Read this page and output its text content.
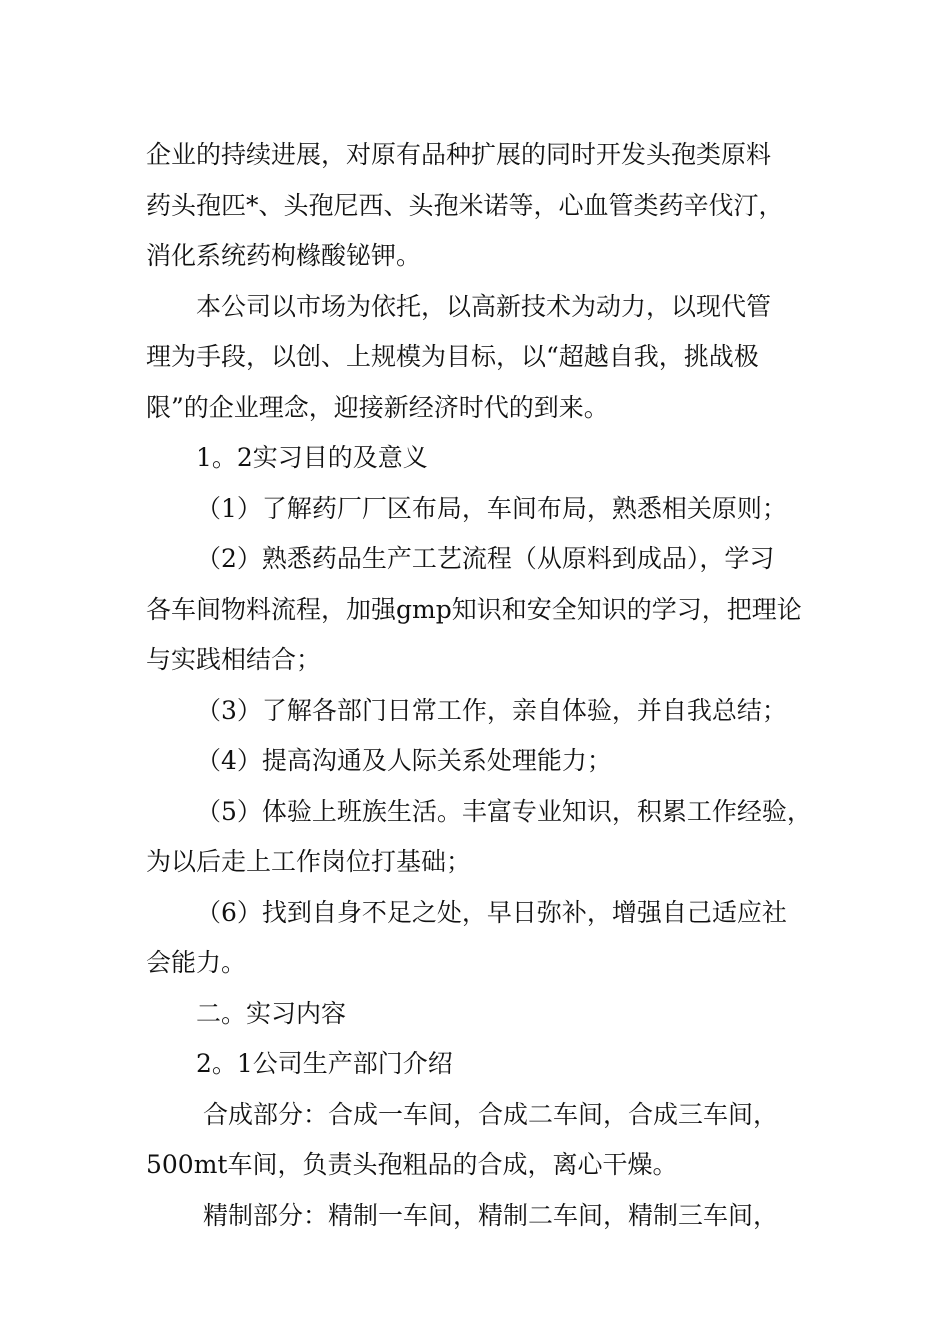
企业的持续进展，对原有品种扩展的同时开发头孢类原料

药头孢匹*、头孢尼西、头孢米诺等，心血管类药辛伐汀，

消化系统药枸橼酸铋钾。

本公司以市场为依托，以高新技术为动力，以现代管

理为手段，以创、上规模为目标，以“超越自我，挑战极

限”的企业理念，迎接新经济时代的到来。

1。2实习目的及意义

（1）了解药厂厂区布局，车间布局，熟悉相关原则；

（2）熟悉药品生产工艺流程（从原料到成品），学习

各车间物料流程，加强gmp知识和安全知识的学习，把理论

与实践相结合；

（3）了解各部门日常工作，亲自体验，并自我总结；

（4）提高沟通及人际关系处理能力；

（5）体验上班族生活。丰富专业知识，积累工作经验，

为以后走上工作岗位打基础；

（6）找到自身不足之处，早日弥补，增强自己适应社

会能力。

二。实习内容

2。1公司生产部门介绍

合成部分：合成一车间，合成二车间，合成三车间，

500mt车间，负责头孢粗品的合成，离心干燥。

精制部分：精制一车间，精制二车间，精制三车间，
